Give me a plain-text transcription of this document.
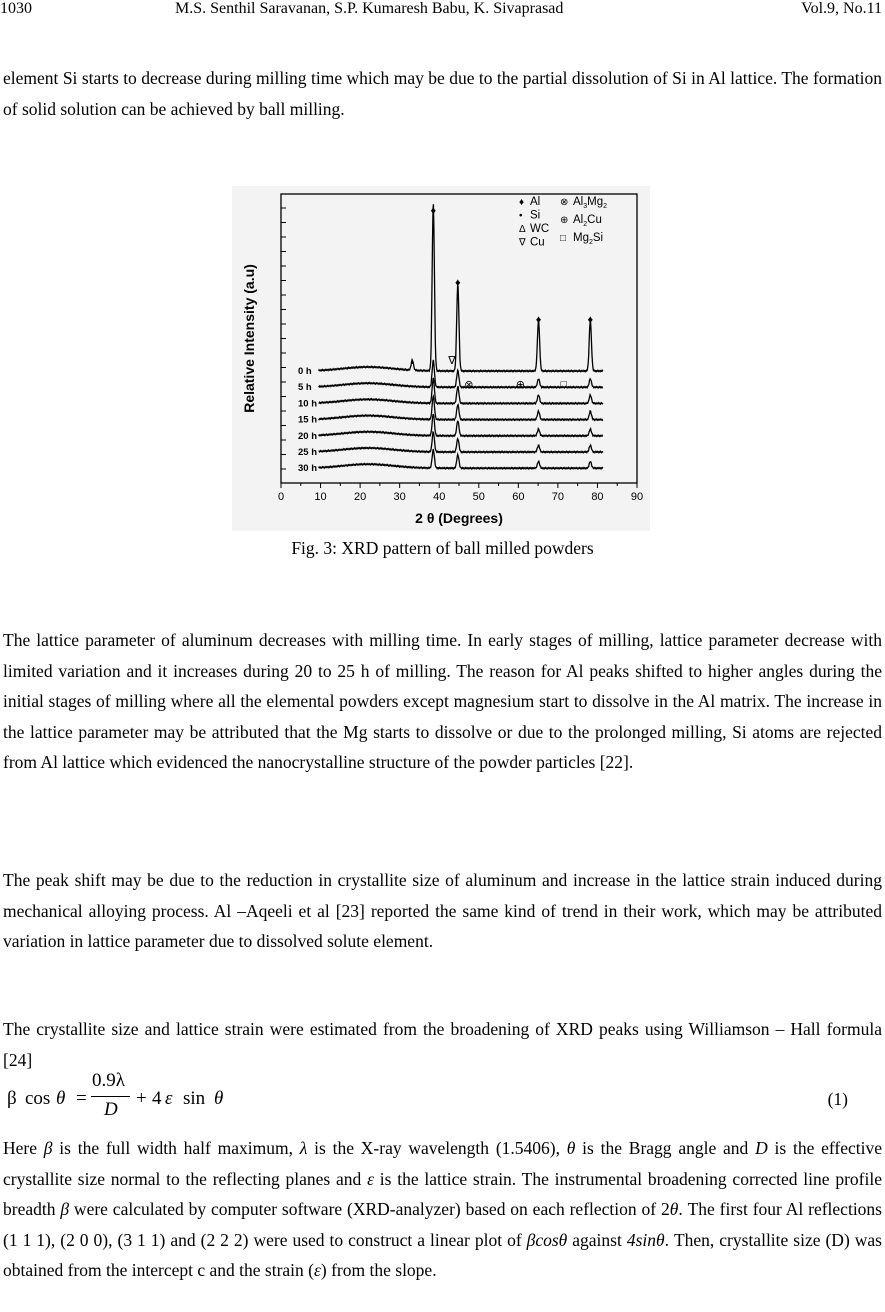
1030	M.S. Senthil Saravanan, S.P. Kumaresh Babu, K. Sivaprasad	Vol.9, No.11

element Si starts to decrease during milling time which may be due to the partial dissolution of Si in Al lattice. The formation of solid solution can be achieved by ball milling.

0	10 20 30 40 50 60 70 80 90
2 θ (Degrees)
Relative Intensity (a.u)	0 h
5 h
10 h
15 h
20 h
25 h
30 h
♦
♦
♦	♦
•	∇
⊗	⊕	□
♦ Al
• Si
Δ WC
∇ Cu
⊗ $Al_3Mg_2$
⊕ $Al_2Cu$
□ $Mg_2Si$
Fig. 3: XRD pattern of ball milled powders

The lattice parameter of aluminum decreases with milling time. In early stages of milling, lattice parameter decrease with limited variation and it increases during 20 to 25 h of milling. The reason for Al peaks shifted to higher angles during the initial stages of milling where all the elemental powders except magnesium start to dissolve in the Al matrix. The increase in the lattice parameter may be attributed that the Mg starts to dissolve or due to the prolonged milling, Si atoms are rejected from Al lattice which evidenced the nanocrystalline structure of the powder particles [22].

The peak shift may be due to the reduction in crystallite size of aluminum and increase in the lattice strain induced during mechanical alloying process. Al –Aqeeli et al [23] reported the same kind of trend in their work, which may be attributed variation in lattice parameter due to dissolved solute element.

The crystallite size and lattice strain were estimated from the broadening of XRD peaks using Williamson – Hall formula [24]

β cos θ =
0.9λ
D
+ 4 ε sin θ	(1)

Here β is the full width half maximum, λ is the X-ray wavelength (1.5406), θ is the Bragg angle and D is the effective crystallite size normal to the reflecting planes and ε is the lattice strain. The instrumental broadening corrected line profile breadth β were calculated by computer software (XRD-analyzer) based on each reflection of 2θ. The first four Al reflections (1 1 1), (2 0 0), (3 1 1) and (2 2 2) were used to construct a linear plot of βcosθ against 4sinθ. Then, crystallite size (D) was obtained from the intercept c and the strain (ε) from the slope.
